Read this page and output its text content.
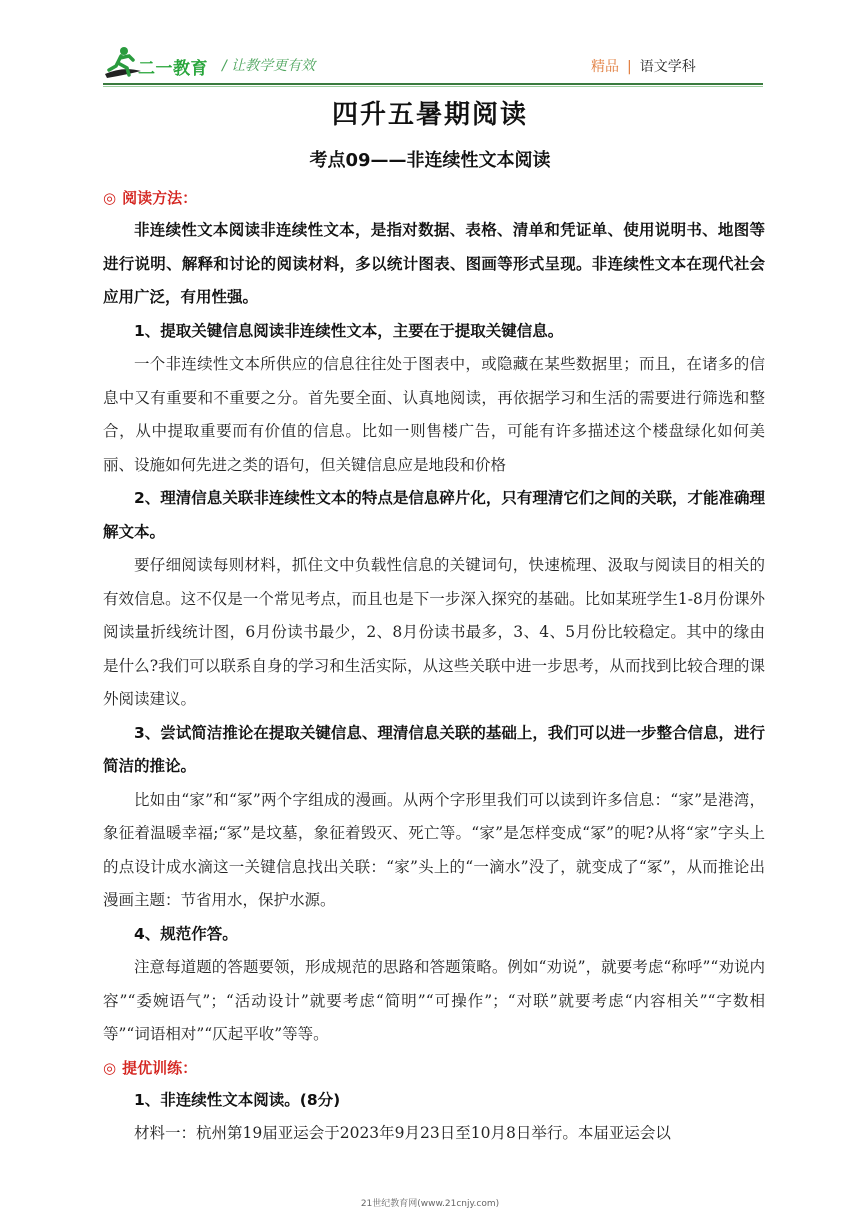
二一教育 / 让教学更有效	精品 | 语文学科
四升五暑期阅读
考点09——非连续性文本阅读
◎ 阅读方法：

非连续性文本阅读非连续性文本，是指对数据、表格、清单和凭证单、使用说明书、地图等进行说明、解释和讨论的阅读材料，多以统计图表、图画等形式呈现。非连续性文本在现代社会应用广泛，有用性强。

1、提取关键信息阅读非连续性文本，主要在于提取关键信息。

一个非连续性文本所供应的信息往往处于图表中，或隐藏在某些数据里；而且，在诸多的信息中又有重要和不重要之分。首先要全面、认真地阅读，再依据学习和生活的需要进行筛选和整合，从中提取重要而有价值的信息。比如一则售楼广告，可能有许多描述这个楼盘绿化如何美丽、设施如何先进之类的语句，但关键信息应是地段和价格

2、理清信息关联非连续性文本的特点是信息碎片化，只有理清它们之间的关联，才能准确理解文本。

要仔细阅读每则材料，抓住文中负载性信息的关键词句，快速梳理、汲取与阅读目的相关的有效信息。这不仅是一个常见考点，而且也是下一步深入探究的基础。比如某班学生1-8月份课外阅读量折线统计图，6月份读书最少，2、8月份读书最多，3、4、5月份比较稳定。其中的缘由是什么?我们可以联系自身的学习和生活实际，从这些关联中进一步思考，从而找到比较合理的课外阅读建议。

3、尝试简洁推论在提取关键信息、理清信息关联的基础上，我们可以进一步整合信息，进行简洁的推论。

比如由“家”和“冢”两个字组成的漫画。从两个字形里我们可以读到许多信息：“家”是港湾，象征着温暖幸福;“冢”是坟墓，象征着毁灭、死亡等。“家”是怎样变成“冢”的呢?从将“家”字头上的点设计成水滴这一关键信息找出关联：“家”头上的“一滴水”没了，就变成了“冢”，从而推论出漫画主题：节省用水，保护水源。

4、规范作答。

注意每道题的答题要领，形成规范的思路和答题策略。例如“劝说”，就要考虑“称呼”“劝说内容”“委婉语气”；“活动设计”就要考虑“简明”“可操作”；“对联”就要考虑“内容相关”“字数相等”“词语相对”“仄起平收”等等。

◎ 提优训练：

1、非连续性文本阅读。(8分)

材料一：杭州第19届亚运会于2023年9月23日至10月8日举行。本届亚运会以

21世纪教育网(www.21cnjy.com)
